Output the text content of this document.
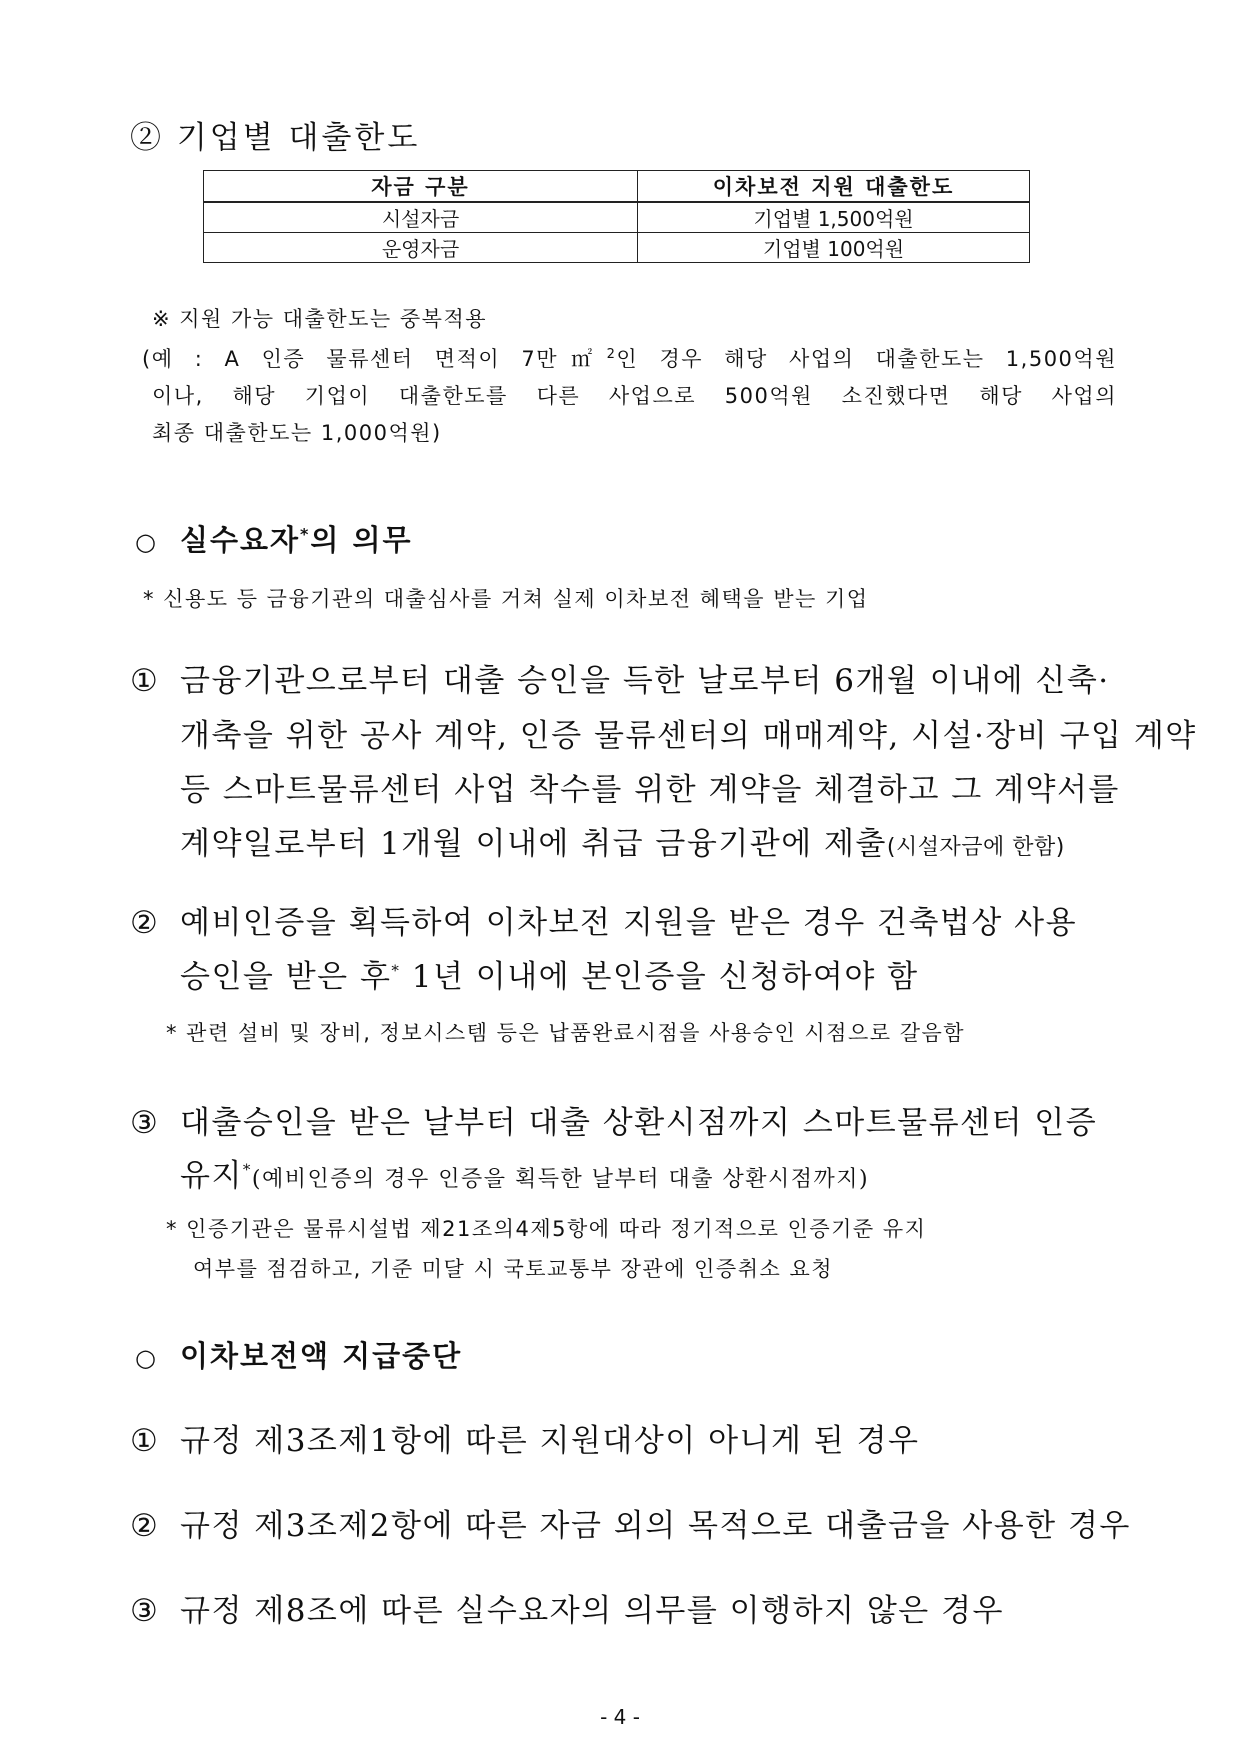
② 기업별 대출한도
자금 구분	이차보전 지원 대출한도
시설자금	기업별 1,500억원
운영자금	기업별 100억원
※ 지원 가능 대출한도는 중복적용
(예 : A 인증 물류센터 면적이 7만㎡$^2$인 경우 해당 사업의 대출한도는 1,500억원
이나, 해당 기업이 대출한도를 다른 사업으로 500억원 소진했다면 해당 사업의
최종 대출한도는 1,000억원)
○ 실수요자*의 의무
* 신용도 등 금융기관의 대출심사를 거쳐 실제 이차보전 혜택을 받는 기업
① 금융기관으로부터 대출 승인을 득한 날로부터 6개월 이내에 신축·
개축을 위한 공사 계약, 인증 물류센터의 매매계약, 시설·장비 구입 계약
등 스마트물류센터 사업 착수를 위한 계약을 체결하고 그 계약서를
계약일로부터 1개월 이내에 취급 금융기관에 제출(시설자금에 한함)
② 예비인증을 획득하여 이차보전 지원을 받은 경우 건축법상 사용
승인을 받은 후* 1년 이내에 본인증을 신청하여야 함
* 관련 설비 및 장비, 정보시스템 등은 납품완료시점을 사용승인 시점으로 갈음함
③ 대출승인을 받은 날부터 대출 상환시점까지 스마트물류센터 인증
유지*(예비인증의 경우 인증을 획득한 날부터 대출 상환시점까지)
* 인증기관은 물류시설법 제21조의4제5항에 따라 정기적으로 인증기준 유지
여부를 점검하고, 기준 미달 시 국토교통부 장관에 인증취소 요청
○ 이차보전액 지급중단
① 규정 제3조제1항에 따른 지원대상이 아니게 된 경우
② 규정 제3조제2항에 따른 자금 외의 목적으로 대출금을 사용한 경우
③ 규정 제8조에 따른 실수요자의 의무를 이행하지 않은 경우
- 4 -
